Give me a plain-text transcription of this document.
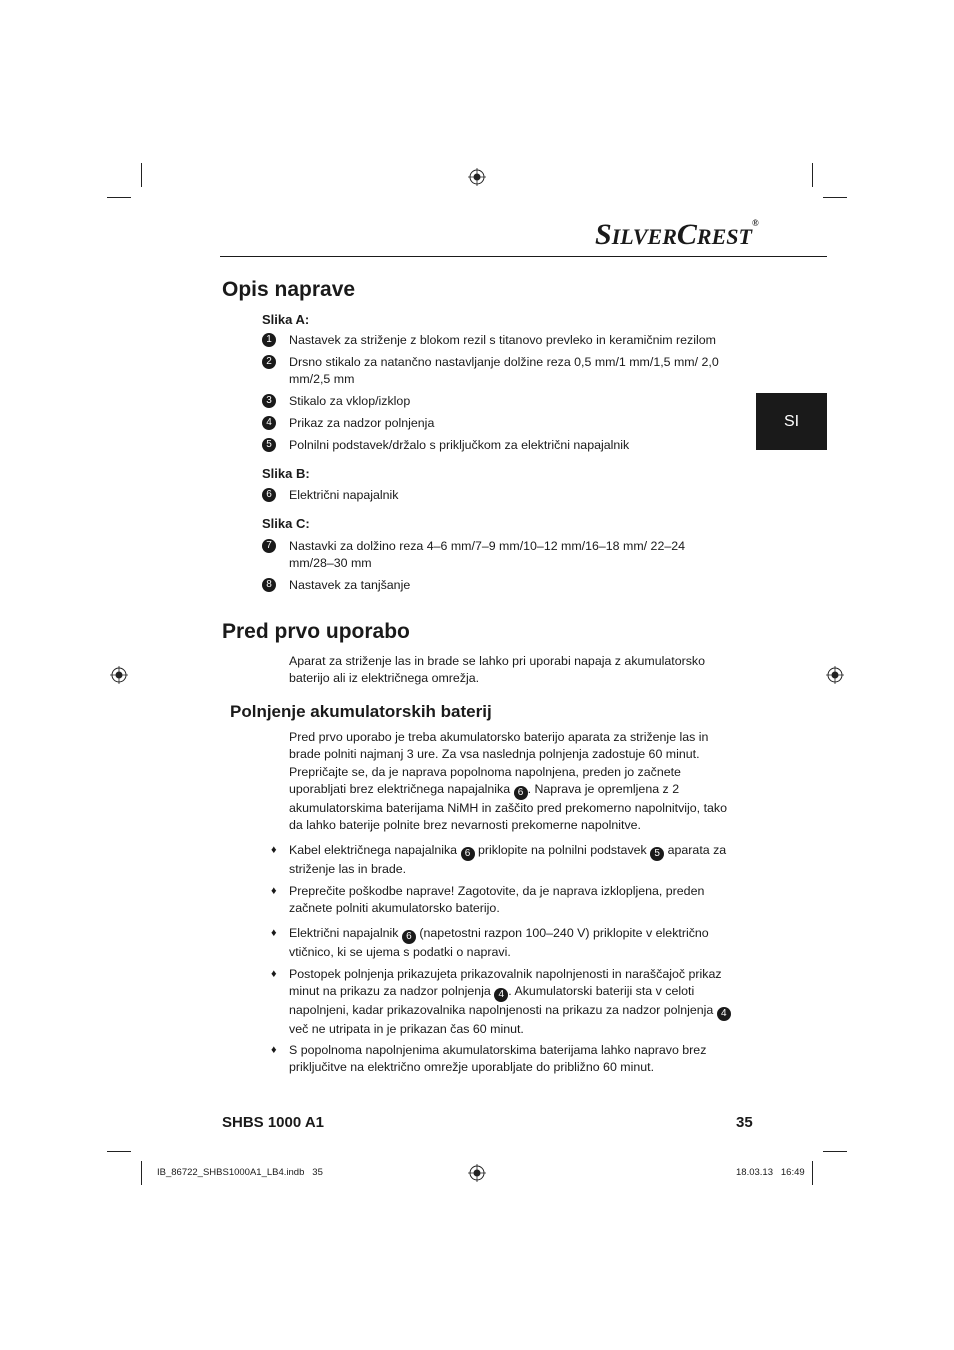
SILVERCREST®
SI
Opis naprave
Slika A:
1	Nastavek za striženje z blokom rezil s titanovo prevleko in keramičnim rezilom
2	Drsno stikalo za natančno nastavljanje dolžine reza 0,5 mm/1 mm/1,5 mm/ 2,0 mm/2,5 mm
3	Stikalo za vklop/izklop
4	Prikaz za nadzor polnjenja
5	Polnilni podstavek/držalo s priključkom za električni napajalnik
Slika B:
6	Električni napajalnik
Slika C:
7	Nastavki za dolžino reza 4–6 mm/7–9 mm/10–12 mm/16–18 mm/ 22–24 mm/28–30 mm
8	Nastavek za tanjšanje
Pred prvo uporabo
Aparat za striženje las in brade se lahko pri uporabi napaja z akumulatorsko baterijo ali iz električnega omrežja.
Polnjenje akumulatorskih baterij
Pred prvo uporabo je treba akumulatorsko baterijo aparata za striženje las in brade polniti najmanj 3 ure. Za vsa naslednja polnjenja zadostuje 60 minut. Prepričajte se, da je naprava popolnoma napolnjena, preden jo začnete uporabljati brez električnega napajalnika 6 . Naprava je opremljena z 2 akumulatorskima baterijama NiMH in zaščito pred prekomerno napolnitvijo, tako da lahko baterije polnite brez nevarnosti prekomerne napolnitve.
♦ Kabel električnega napajalnika 6 priklopite na polnilni podstavek 5 aparata za striženje las in brade.
♦ Preprečite poškodbe naprave! Zagotovite, da je naprava izklopljena, preden začnete polniti akumulatorsko baterijo.
♦ Električni napajalnik 6 (napetostni razpon 100–240 V) priklopite v električno vtičnico, ki se ujema s podatki o napravi.
♦ Postopek polnjenja prikazujeta prikazovalnik napolnjenosti in naraščajoč prikaz minut na prikazu za nadzor polnjenja 4 . Akumulatorski bateriji sta v celoti napolnjeni, kadar prikazovalnika napolnjenosti na prikazu za nadzor polnjenja 4 več ne utripata in je prikazan čas 60 minut.
♦ S popolnoma napolnjenima akumulatorskima baterijama lahko napravo brez priključitve na električno omrežje uporabljate do približno 60 minut.
SHBS 1000 A1	35
IB_86722_SHBS1000A1_LB4.indb   35	18.03.13   16:49
